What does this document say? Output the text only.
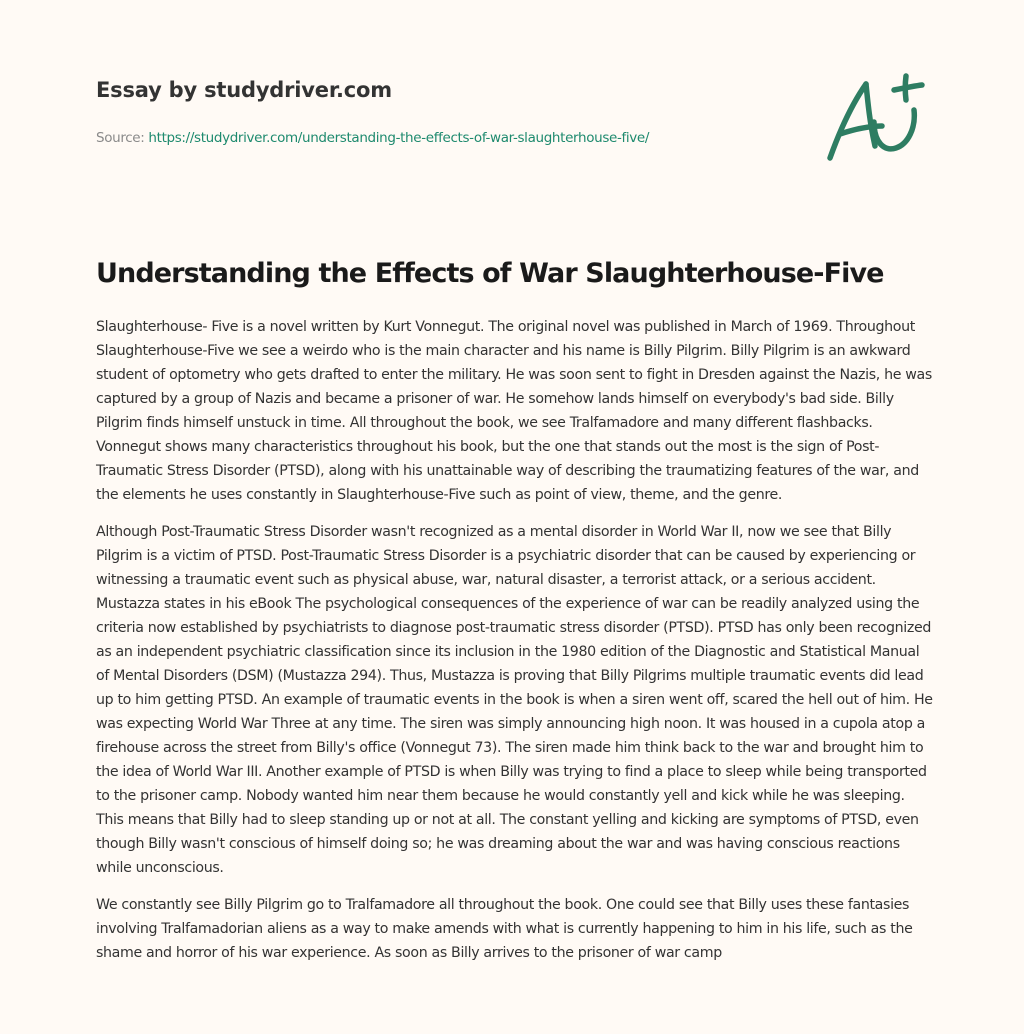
Essay by studydriver.com
Source: https://studydriver.com/understanding-the-effects-of-war-slaughterhouse-five/
Understanding the Effects of War Slaughterhouse-Five

Slaughterhouse- Five is a novel written by Kurt Vonnegut. The original novel was published in March of 1969. Throughout Slaughterhouse-Five we see a weirdo who is the main character and his name is Billy Pilgrim. Billy Pilgrim is an awkward student of optometry who gets drafted to enter the military. He was soon sent to fight in Dresden against the Nazis, he was captured by a group of Nazis and became a prisoner of war. He somehow lands himself on everybody's bad side. Billy Pilgrim finds himself unstuck in time. All throughout the book, we see Tralfamadore and many different flashbacks. Vonnegut shows many characteristics throughout his book, but the one that stands out the most is the sign of Post-Traumatic Stress Disorder (PTSD), along with his unattainable way of describing the traumatizing features of the war, and the elements he uses constantly in Slaughterhouse-Five such as point of view, theme, and the genre.

Although Post-Traumatic Stress Disorder wasn't recognized as a mental disorder in World War II, now we see that Billy Pilgrim is a victim of PTSD. Post-Traumatic Stress Disorder is a psychiatric disorder that can be caused by experiencing or witnessing a traumatic event such as physical abuse, war, natural disaster, a terrorist attack, or a serious accident. Mustazza states in his eBook The psychological consequences of the experience of war can be readily analyzed using the criteria now established by psychiatrists to diagnose post-traumatic stress disorder (PTSD). PTSD has only been recognized as an independent psychiatric classification since its inclusion in the 1980 edition of the Diagnostic and Statistical Manual of Mental Disorders (DSM) (Mustazza 294). Thus, Mustazza is proving that Billy Pilgrims multiple traumatic events did lead up to him getting PTSD. An example of traumatic events in the book is when a siren went off, scared the hell out of him. He was expecting World War Three at any time. The siren was simply announcing high noon. It was housed in a cupola atop a firehouse across the street from Billy's office (Vonnegut 73). The siren made him think back to the war and brought him to the idea of World War III. Another example of PTSD is when Billy was trying to find a place to sleep while being transported to the prisoner camp. Nobody wanted him near them because he would constantly yell and kick while he was sleeping. This means that Billy had to sleep standing up or not at all. The constant yelling and kicking are symptoms of PTSD, even though Billy wasn't conscious of himself doing so; he was dreaming about the war and was having conscious reactions while unconscious.

We constantly see Billy Pilgrim go to Tralfamadore all throughout the book. One could see that Billy uses these fantasies involving Tralfamadorian aliens as a way to make amends with what is currently happening to him in his life, such as the shame and horror of his war experience. As soon as Billy arrives to the prisoner of war camp
